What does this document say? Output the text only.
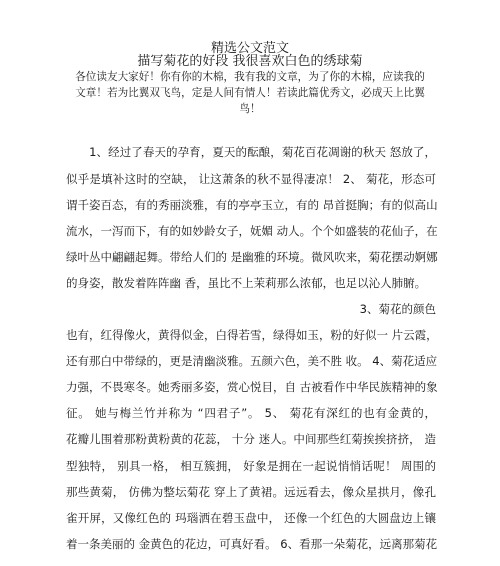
精选公文范文
描写菊花的好段 我很喜欢白色的绣球菊
各位读友大家好！你有你的木棉，我有我的文章，为了你的木棉，应读我的
文章！若为比翼双飞鸟，定是人间有情人！若读此篇优秀文，必成天上比翼
鸟！
　　1、经过了春天的孕育，夏天的酝酿，菊花百花凋谢的秋天 怒放了，
似乎是填补这时的空缺， 让这萧条的秋不显得凄凉！ 2、 菊花，形态可
谓千姿百态，有的秀丽淡雅，有的亭亭玉立，有的 昂首挺胸；有的似高山
流水，一泻而下，有的如妙龄女子，妩媚 动人。个个如盛装的花仙子，在
绿叶丛中翩翩起舞。带给人们的 是幽雅的环境。微风吹来，菊花摆动婀娜
的身姿，散发着阵阵幽 香，虽比不上茉莉那么浓郁，也足以沁人肺腑。
3、菊花的颜色
也有，红得像火，黄得似金，白得若雪，绿得如玉，粉的好似一 片云霞，
还有那白中带绿的，更是清幽淡雅。五颜六色，美不胜 收。 4、菊花适应
力强，不畏寒冬。她秀丽多姿，赏心悦目，自 古被看作中华民族精神的象
征。 她与梅兰竹并称为 “四君子”。 5、 菊花有深红的也有金黄的，
花瓣儿围着那粉黄粉黄的花蕊， 十分 迷人。中间那些红菊挨挨挤挤， 造
型独特， 别具一格， 相互簇拥， 好象是拥在一起说悄悄话呢！ 周围的
那些黄菊， 仿佛为整坛菊花 穿上了黄裙。远远看去，像众星拱月，像孔
雀开屏，又像红色的 玛瑙洒在碧玉盘中， 还像一个红色的大圆盘边上镶
着一条美丽的 金黄色的花边，可真好看。 6、看那一朵菊花，远离那菊花
